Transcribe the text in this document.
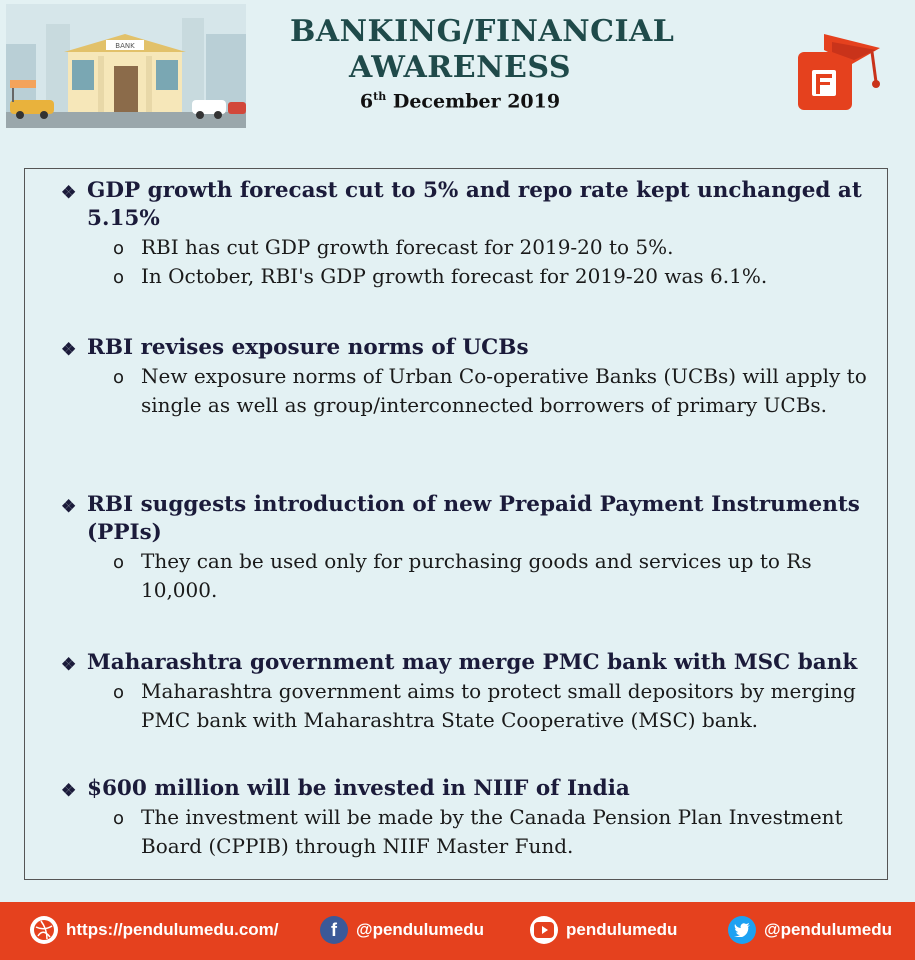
BANK	BANKING/FINANCIAL
AWARENESS
6th December 2019
❖ GDP growth forecast cut to 5% and repo rate kept unchanged at 5.15%
o RBI has cut GDP growth forecast for 2019-20 to 5%.
o In October, RBI's GDP growth forecast for 2019-20 was 6.1%.
❖ RBI revises exposure norms of UCBs
o New exposure norms of Urban Co-operative Banks (UCBs) will apply to single as well as group/interconnected borrowers of primary UCBs.
❖ RBI suggests introduction of new Prepaid Payment Instruments (PPIs)
o They can be used only for purchasing goods and services up to Rs 10,000.
❖ Maharashtra government may merge PMC bank with MSC bank
o Maharashtra government aims to protect small depositors by merging PMC bank with Maharashtra State Cooperative (MSC) bank.
❖ $600 million will be invested in NIIF of India
o The investment will be made by the Canada Pension Plan Investment Board (CPPIB) through NIIF Master Fund.
https://pendulumedu.com/	f @pendulumedu	pendulumedu	@pendulumedu
